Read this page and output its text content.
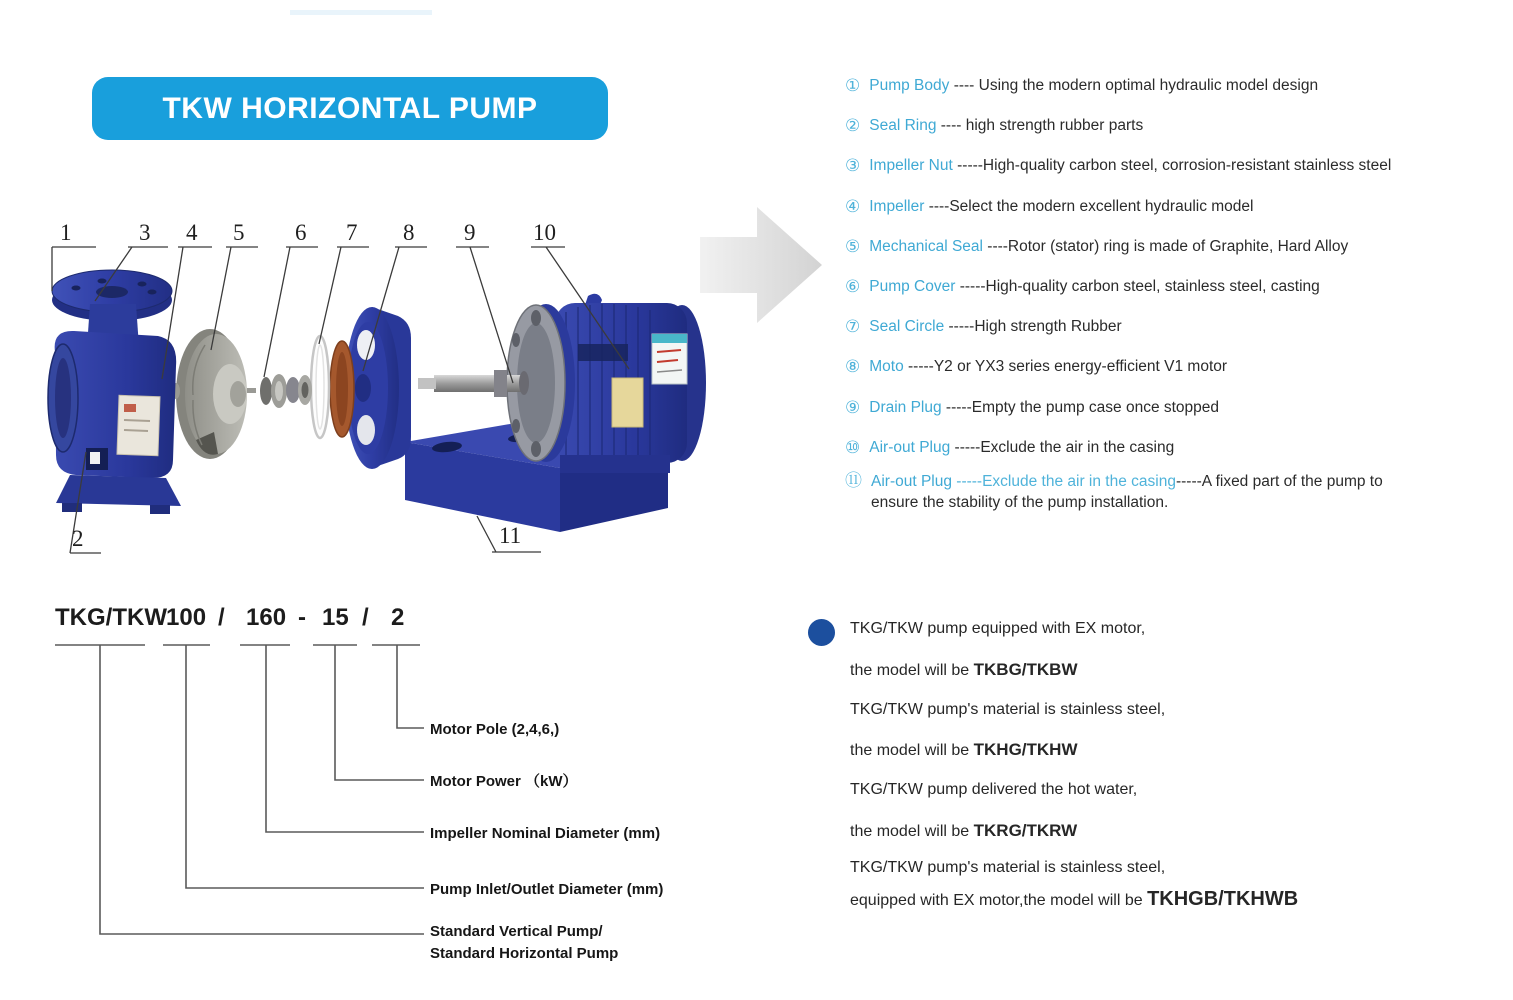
TKW HORIZONTAL PUMP
1	3 4 5 6 7 8 9	10
2	11
① Pump Body ---- Using the modern optimal hydraulic model design
② Seal Ring ---- high strength rubber parts
③ Impeller Nut -----High-quality carbon steel, corrosion-resistant stainless steel
④ Impeller ----Select the modern excellent hydraulic model
⑤ Mechanical Seal ----Rotor (stator) ring is made of Graphite, Hard Alloy
⑥ Pump Cover -----High-quality carbon steel, stainless steel, casting
⑦ Seal Circle -----High strength Rubber
⑧ Moto -----Y2 or YX3 series energy-efficient V1 motor
⑨ Drain Plug -----Empty the pump case once stopped
⑩ Air-out Plug -----Exclude the air in the casing
⑪ Air-out Plug -----Exclude the air in the casing-----A fixed part of the pump to
ensure the stability of the pump installation.
TKG/TKW 100 / 160 - 15 / 2
Motor Pole (2,4,6,)
Motor Power （kW）
Impeller Nominal Diameter (mm)
Pump Inlet/Outlet Diameter (mm)
Standard Vertical Pump/
Standard Horizontal Pump
TKG/TKW pump equipped with EX motor,
the model will be TKBG/TKBW
TKG/TKW pump's material is stainless steel,
the model will be TKHG/TKHW
TKG/TKW pump delivered the hot water,
the model will be TKRG/TKRW
TKG/TKW pump's material is stainless steel,
equipped with EX motor,the model will be TKHGB/TKHWB
